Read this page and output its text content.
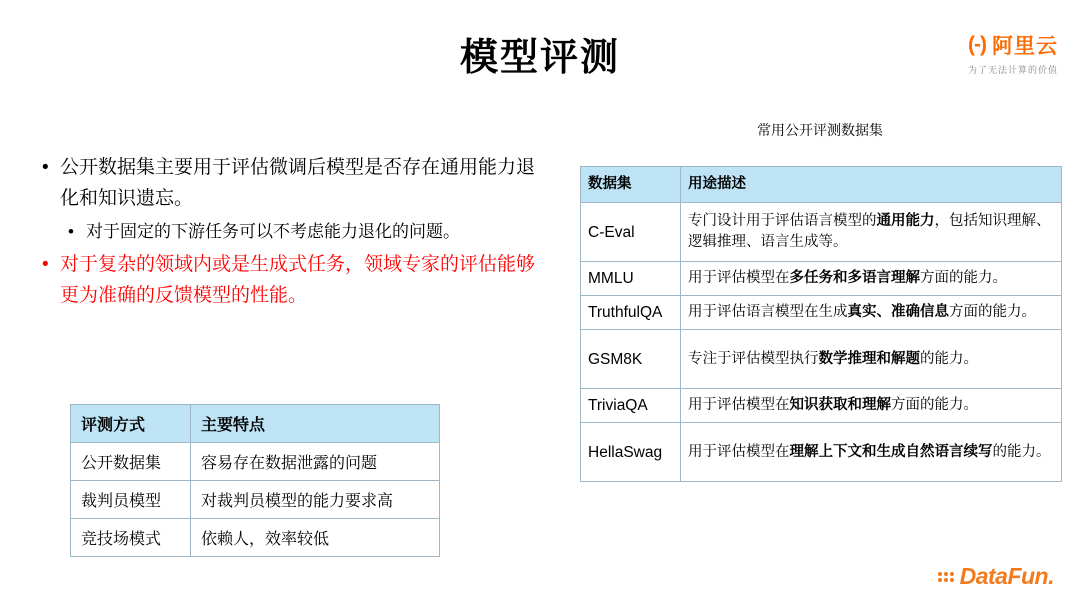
模型评测	(-) 阿里云
为了无法计算的价值
• 公开数据集主要用于评估微调后模型是否存在通用能力退化和知识遗忘。
• 对于固定的下游任务可以不考虑能力退化的问题。
• 对于复杂的领域内或是生成式任务，领域专家的评估能够更为准确的反馈模型的性能。
评测方式	主要特点
公开数据集	容易存在数据泄露的问题
裁判员模型	对裁判员模型的能力要求高
竞技场模式	依赖人，效率较低
常用公开评测数据集
数据集	用途描述
C-Eval	专门设计用于评估语言模型的通用能力，包括知识理解、逻辑推理、语言生成等。
MMLU	用于评估模型在多任务和多语言理解方面的能力。
TruthfulQA	用于评估语言模型在生成真实、准确信息方面的能力。
GSM8K	专注于评估模型执行数学推理和解题的能力。
TriviaQA	用于评估模型在知识获取和理解方面的能力。
HellaSwag	用于评估模型在理解上下文和生成自然语言续写的能力。
DataFun.
